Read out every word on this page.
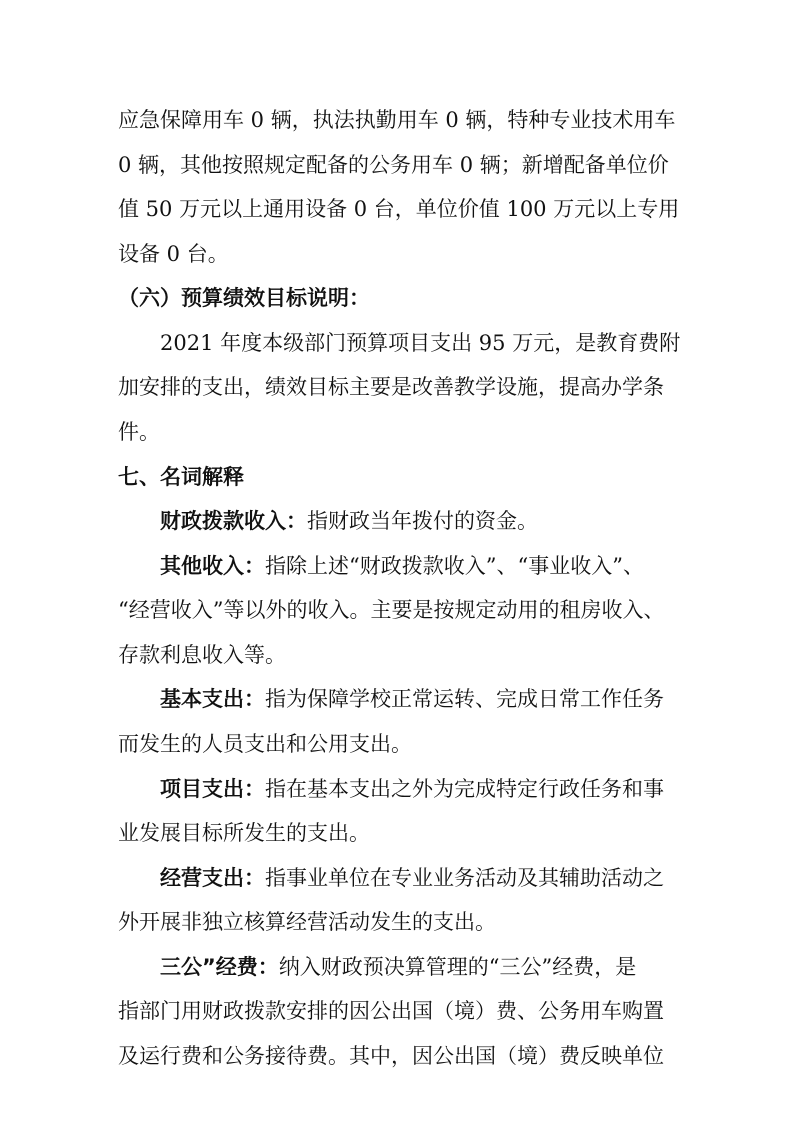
应急保障用车 0 辆，执法执勤用车 0 辆，特种专业技术用车
0 辆，其他按照规定配备的公务用车 0 辆；新增配备单位价
值 50 万元以上通用设备 0 台，单位价值 100 万元以上专用
设备 0 台。
（六）预算绩效目标说明：
2021 年度本级部门预算项目支出 95 万元，是教育费附
加安排的支出，绩效目标主要是改善教学设施，提高办学条
件。
七、名词解释
财政拨款收入：指财政当年拨付的资金。
其他收入：指除上述“财政拨款收入”、“事业收入”、
“经营收入”等以外的收入。主要是按规定动用的租房收入、
存款利息收入等。
基本支出：指为保障学校正常运转、完成日常工作任务
而发生的人员支出和公用支出。
项目支出：指在基本支出之外为完成特定行政任务和事
业发展目标所发生的支出。
经营支出：指事业单位在专业业务活动及其辅助活动之
外开展非独立核算经营活动发生的支出。
三公”经费：纳入财政预决算管理的“三公”经费，是
指部门用财政拨款安排的因公出国（境）费、公务用车购置
及运行费和公务接待费。其中，因公出国（境）费反映单位
